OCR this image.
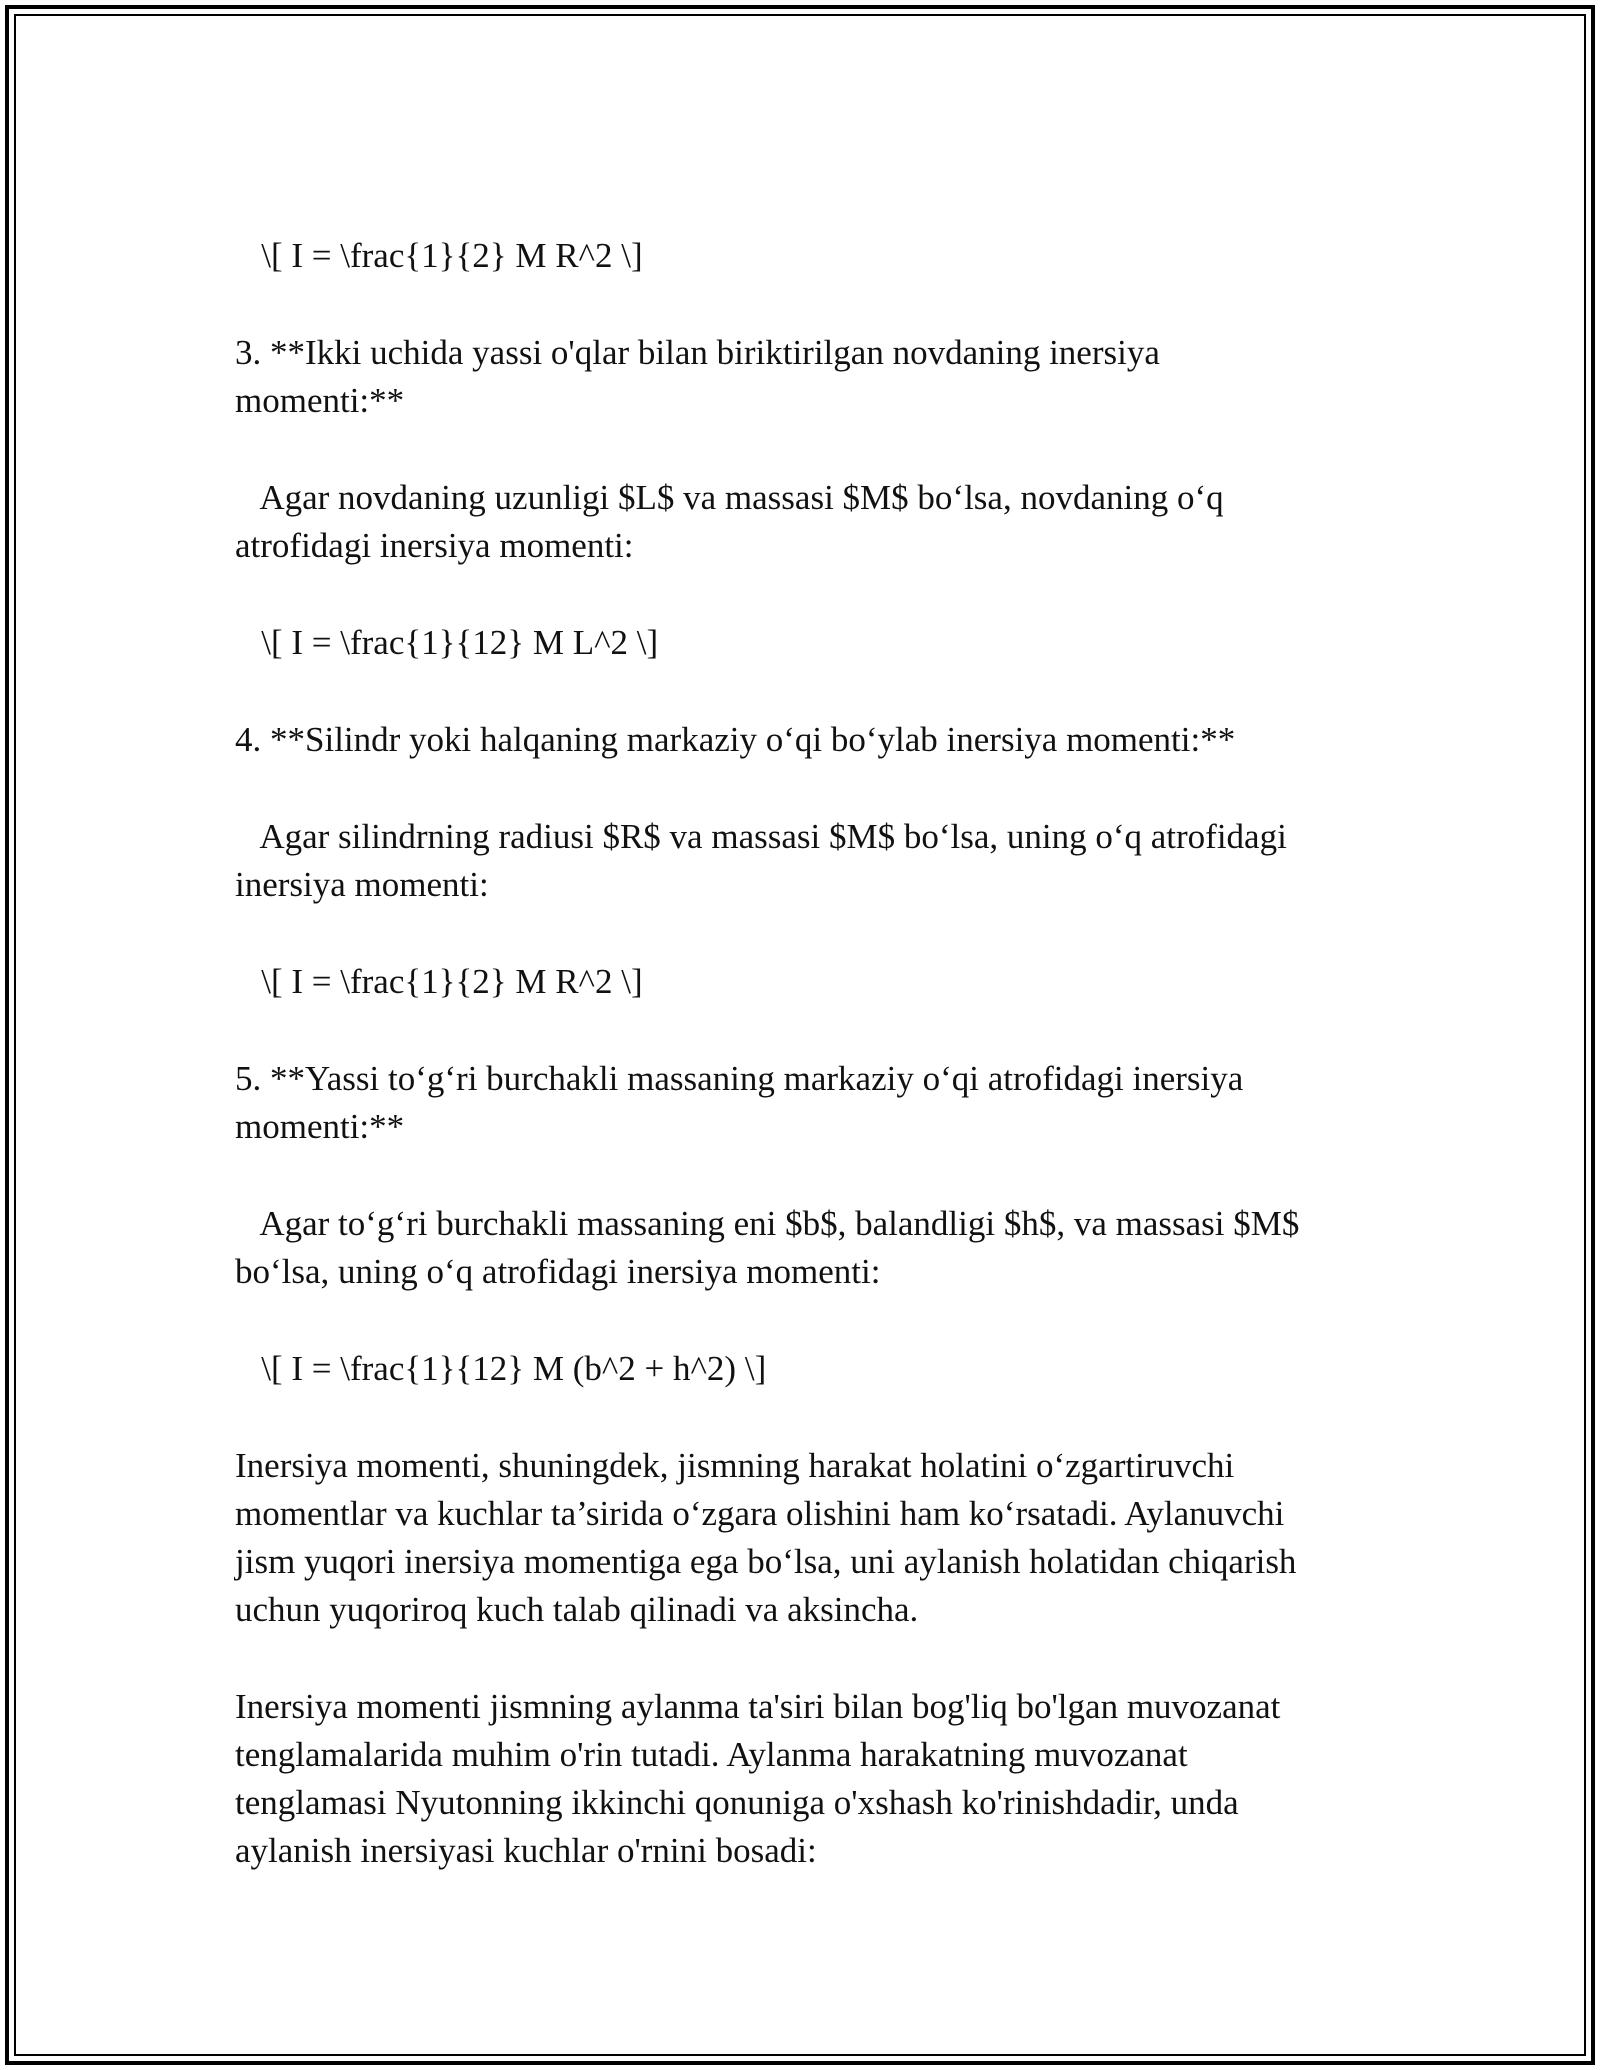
\[ I = \frac{1}{2} M R^2 \]
3. **Ikki uchida yassi o'qlar bilan biriktirilgan novdaning inersiya
momenti:**
Agar novdaning uzunligi $L$ va massasi $M$ bo‘lsa, novdaning o‘q
atrofidagi inersiya momenti:
\[ I = \frac{1}{12} M L^2 \]
4. **Silindr yoki halqaning markaziy o‘qi bo‘ylab inersiya momenti:**
Agar silindrning radiusi $R$ va massasi $M$ bo‘lsa, uning o‘q atrofidagi
inersiya momenti:
\[ I = \frac{1}{2} M R^2 \]
5. **Yassi to‘g‘ri burchakli massaning markaziy o‘qi atrofidagi inersiya
momenti:**
Agar to‘g‘ri burchakli massaning eni $b$, balandligi $h$, va massasi $M$
bo‘lsa, uning o‘q atrofidagi inersiya momenti:
\[ I = \frac{1}{12} M (b^2 + h^2) \]
Inersiya momenti, shuningdek, jismning harakat holatini o‘zgartiruvchi
momentlar va kuchlar ta’sirida o‘zgara olishini ham ko‘rsatadi. Aylanuvchi
jism yuqori inersiya momentiga ega bo‘lsa, uni aylanish holatidan chiqarish
uchun yuqoriroq kuch talab qilinadi va aksincha.
Inersiya momenti jismning aylanma ta'siri bilan bog'liq bo'lgan muvozanat
tenglamalarida muhim o'rin tutadi. Aylanma harakatning muvozanat
tenglamasi Nyutonning ikkinchi qonuniga o'xshash ko'rinishdadir, unda
aylanish inersiyasi kuchlar o'rnini bosadi:
